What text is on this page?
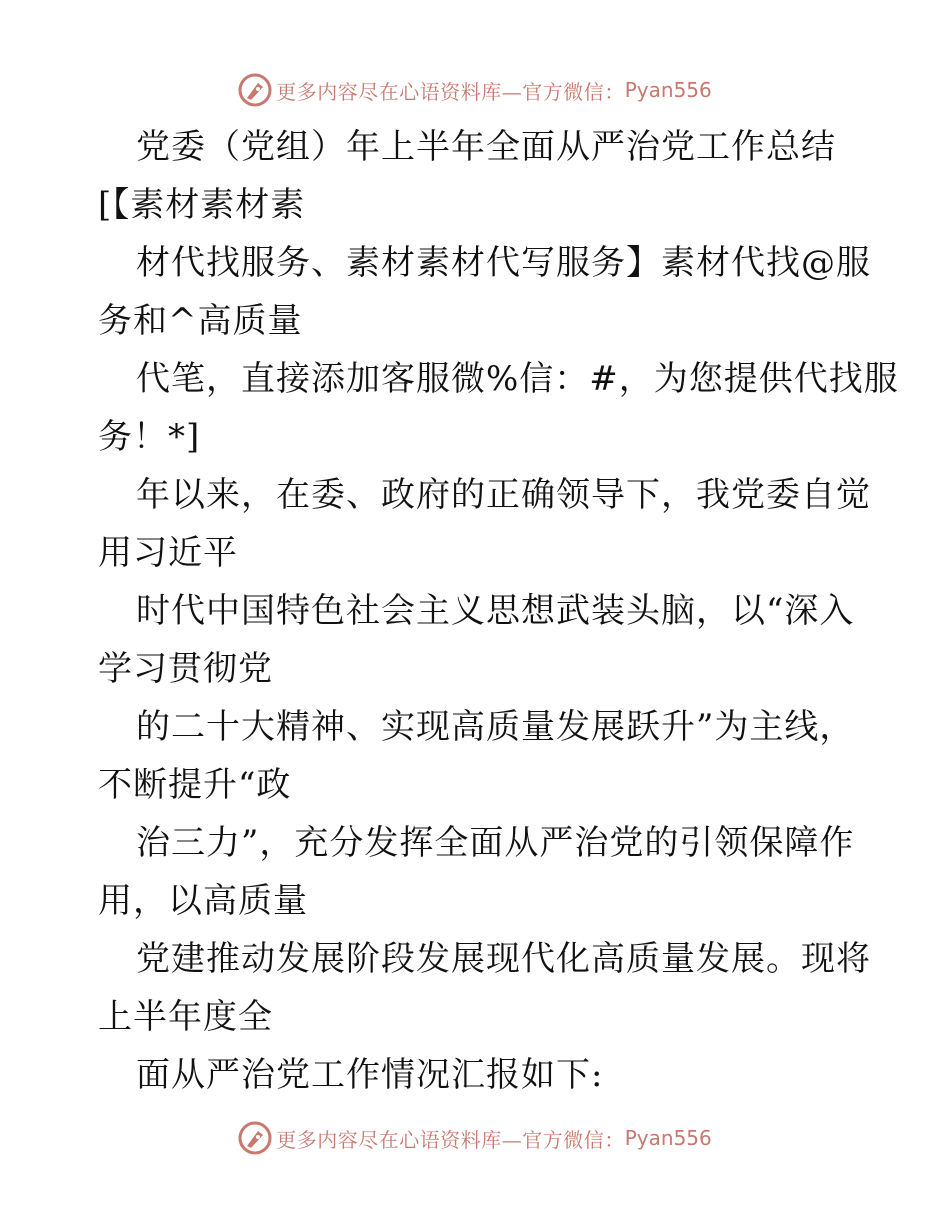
更多内容尽在心语资料库—官方微信： Pyan556
党委（党组）年上半年全面从严治党工作总结
[【素材素材素
材代找服务、素材素材代写服务】素材代找@服
务和^高质量
代笔，直接添加客服微%信：#，为您提供代找服
务！*]
年以来，在委、政府的正确领导下，我党委自觉
用习近平
时代中国特色社会主义思想武装头脑，以“深入
学习贯彻党
的二十大精神、实现高质量发展跃升”为主线，
不断提升“政
治三力”，充分发挥全面从严治党的引领保障作
用，以高质量
党建推动发展阶段发展现代化高质量发展。现将
上半年度全
面从严治党工作情况汇报如下:
更多内容尽在心语资料库—官方微信： Pyan556
